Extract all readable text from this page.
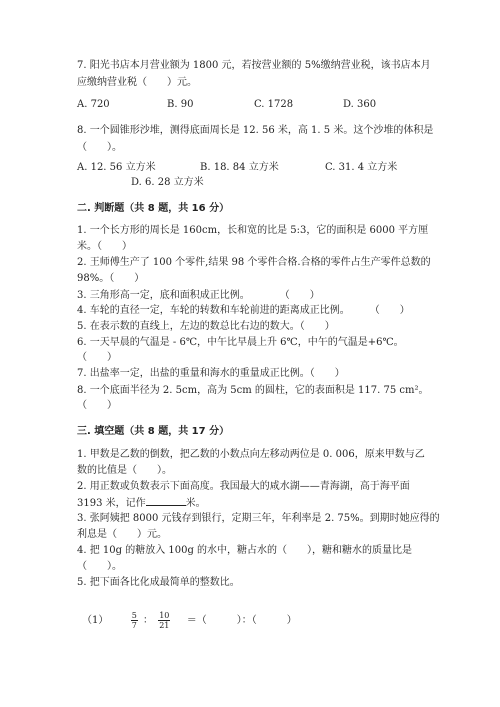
7. 阳光书店本月营业额为 1800 元，若按营业额的 5%缴纳营业税，该书店本月
应缴纳营业税（　　）元。
A. 720	B. 90	C. 1728	D. 360
8. 一个圆锥形沙堆，测得底面周长是 12. 56 米，高 1. 5 米。这个沙堆的体积是
（　　）。
A. 12. 56 立方米	B. 18. 84 立方米	C. 31. 4 立方米
D. 6. 28 立方米
二. 判断题（共 8 题，共 16 分）
1. 一个长方形的周长是 160cm，长和宽的比是 5:3，它的面积是 6000 平方厘
米。（　　）
2. 王师傅生产了 100 个零件,结果 98 个零件合格.合格的零件占生产零件总数的
98%。（　　）
3. 三角形高一定，底和面积成正比例。　　　　（　　）
4. 车轮的直径一定，车轮的转数和车轮前进的距离成正比例。　　　（　　）
5. 在表示数的直线上，左边的数总比右边的数大。（　　）
6. 一天早晨的气温是 - 6℃，中午比早晨上升 6℃，中午的气温是+6℃。
（　　）
7. 出盐率一定，出盐的重量和海水的重量成正比例。（　　）
8. 一个底面半径为 2. 5cm，高为 5cm 的圆柱，它的表面积是 117. 75 cm²。
（　　）
三. 填空题（共 8 题，共 17 分）
1. 甲数是乙数的倒数，把乙数的小数点向左移动两位是 0. 006，原来甲数与乙
数的比值是（　　）。
2. 用正数或负数表示下面高度。我国最大的咸水湖——青海湖，高于海平面
3193 米，记作	米。
3. 张阿姨把 8000 元钱存到银行，定期三年，年利率是 2. 75%。到期时她应得的
利息是（　　）元。
4. 把 10g 的糖放入 100g 的水中，糖占水的（　　），糖和糖水的质量比是
（　　）。
5. 把下面各比化成最简单的整数比。
（1）	$\frac{5}{7}$ ： $\frac{10}{21}$ ＝（　　　）：（　　　）
